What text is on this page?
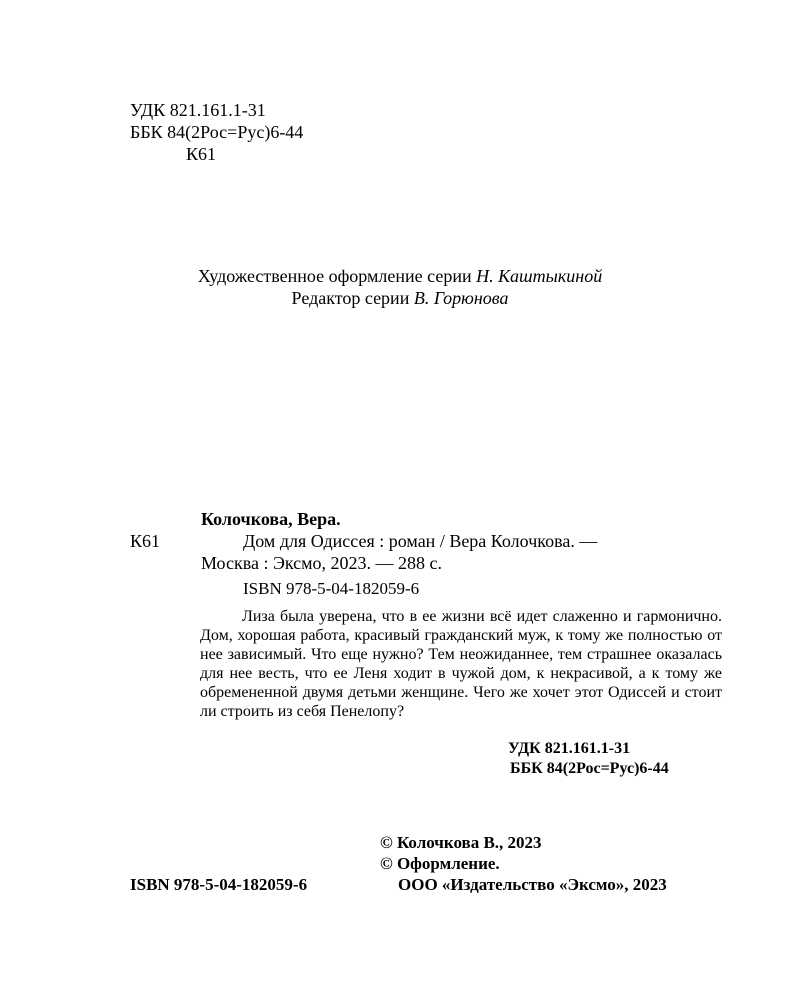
УДК 821.161.1-31
ББК 84(2Рос=Рус)6-44
К61
Художественное оформление серии Н. Каштыкиной
Редактор серии В. Горюнова
Колочкова, Вера.
К61	Дом для Одиссея : роман / Вера Колочкова. —
Москва : Эксмо, 2023. — 288 с.
ISBN 978-5-04-182059-6

Лиза была уверена, что в ее жизни всё идет слаженно и гармонично. Дом, хорошая работа, красивый гражданский муж, к тому же полностью от нее зависимый. Что еще нужно? Тем неожиданнее, тем страшнее оказалась для нее весть, что ее Леня ходит в чужой дом, к некрасивой, а к тому же обремененной двумя детьми женщине. Чего же хочет этот Одиссей и стоит ли строить из себя Пенелопу?

УДК 821.161.1-31
ББК 84(2Рос=Рус)6-44
© Колочкова В., 2023
© Оформление.
ООО «Издательство «Эксмо», 2023
ISBN 978-5-04-182059-6
